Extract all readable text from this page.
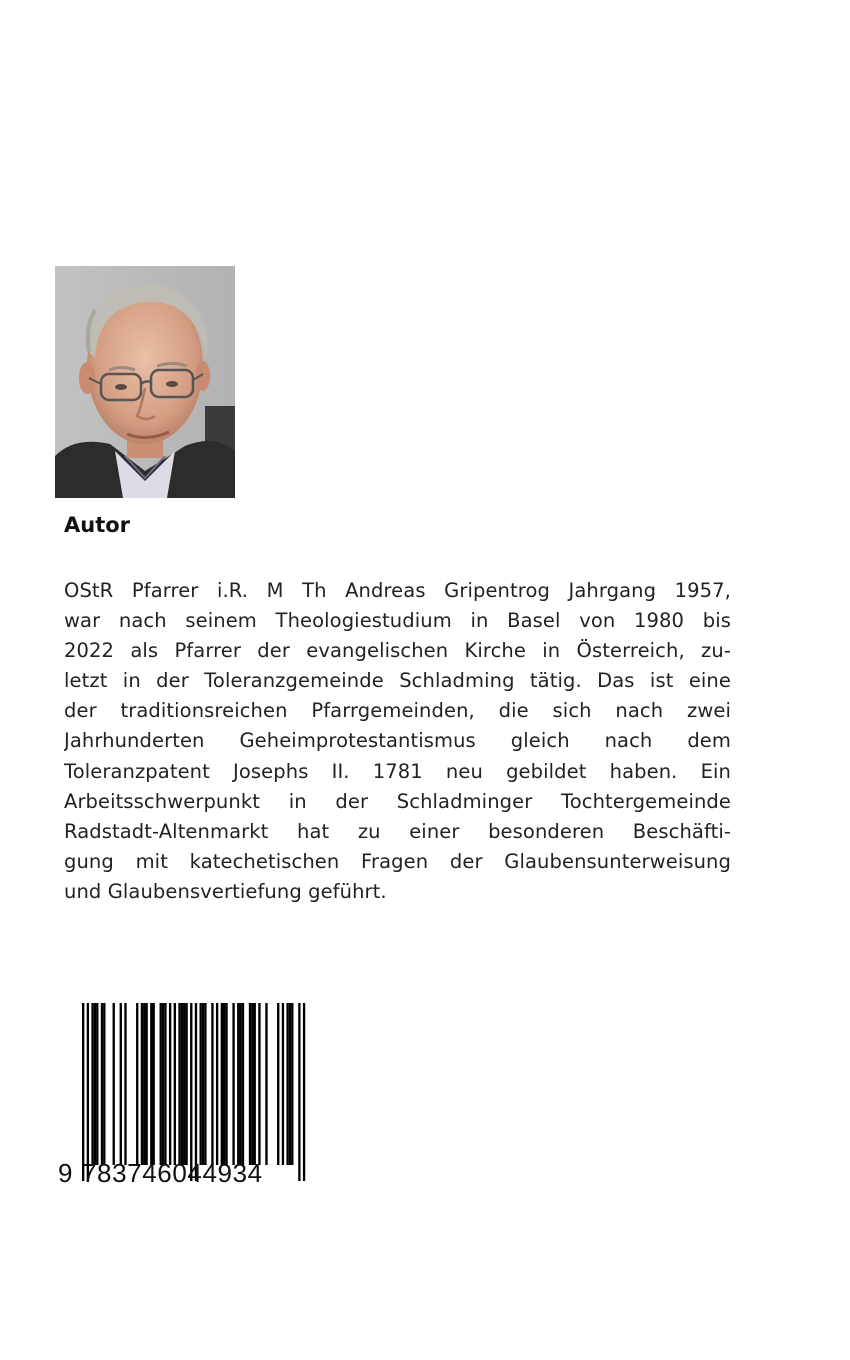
Autor

OStR Pfarrer i.R. M Th Andreas Gripentrog Jahrgang 1957,
war nach seinem Theologiestudium in Basel von 1980 bis
2022 als Pfarrer der evangelischen Kirche in Österreich, zu-
letzt in der Toleranzgemeinde Schladming tätig. Das ist eine
der traditionsreichen Pfarrgemeinden, die sich nach zwei
Jahrhunderten Geheimprotestantismus gleich nach dem
Toleranzpatent Josephs II. 1781 neu gebildet haben. Ein
Arbeitsschwerpunkt in der Schladminger Tochtergemeinde
Radstadt-Altenmarkt hat zu einer besonderen Beschäfti-
gung mit katechetischen Fragen der Glaubensunterweisung
und Glaubensvertiefung geführt.

9 783746044934
